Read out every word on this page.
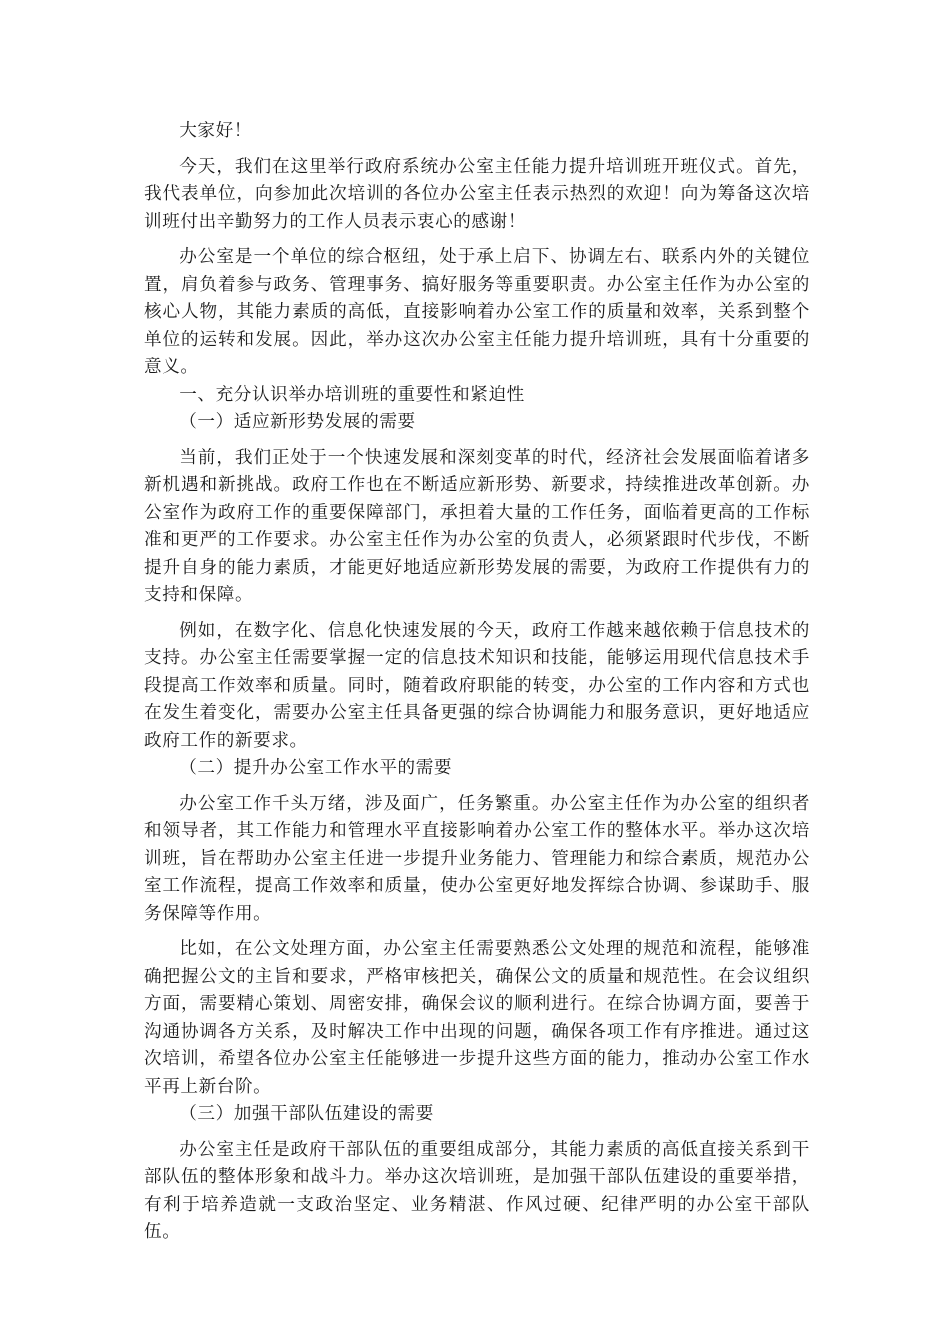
大家好！

今天，我们在这里举行政府系统办公室主任能力提升培训班开班仪式。首先，我代表单位，向参加此次培训的各位办公室主任表示热烈的欢迎！向为筹备这次培训班付出辛勤努力的工作人员表示衷心的感谢！

办公室是一个单位的综合枢纽，处于承上启下、协调左右、联系内外的关键位置，肩负着参与政务、管理事务、搞好服务等重要职责。办公室主任作为办公室的核心人物，其能力素质的高低，直接影响着办公室工作的质量和效率，关系到整个单位的运转和发展。因此，举办这次办公室主任能力提升培训班，具有十分重要的意义。

一、充分认识举办培训班的重要性和紧迫性

（一）适应新形势发展的需要

当前，我们正处于一个快速发展和深刻变革的时代，经济社会发展面临着诸多新机遇和新挑战。政府工作也在不断适应新形势、新要求，持续推进改革创新。办公室作为政府工作的重要保障部门，承担着大量的工作任务，面临着更高的工作标准和更严的工作要求。办公室主任作为办公室的负责人，必须紧跟时代步伐，不断提升自身的能力素质，才能更好地适应新形势发展的需要，为政府工作提供有力的支持和保障。

例如，在数字化、信息化快速发展的今天，政府工作越来越依赖于信息技术的支持。办公室主任需要掌握一定的信息技术知识和技能，能够运用现代信息技术手段提高工作效率和质量。同时，随着政府职能的转变，办公室的工作内容和方式也在发生着变化，需要办公室主任具备更强的综合协调能力和服务意识，更好地适应政府工作的新要求。

（二）提升办公室工作水平的需要

办公室工作千头万绪，涉及面广，任务繁重。办公室主任作为办公室的组织者和领导者，其工作能力和管理水平直接影响着办公室工作的整体水平。举办这次培训班，旨在帮助办公室主任进一步提升业务能力、管理能力和综合素质，规范办公室工作流程，提高工作效率和质量，使办公室更好地发挥综合协调、参谋助手、服务保障等作用。

比如，在公文处理方面，办公室主任需要熟悉公文处理的规范和流程，能够准确把握公文的主旨和要求，严格审核把关，确保公文的质量和规范性。在会议组织方面，需要精心策划、周密安排，确保会议的顺利进行。在综合协调方面，要善于沟通协调各方关系，及时解决工作中出现的问题，确保各项工作有序推进。通过这次培训，希望各位办公室主任能够进一步提升这些方面的能力，推动办公室工作水平再上新台阶。

（三）加强干部队伍建设的需要

办公室主任是政府干部队伍的重要组成部分，其能力素质的高低直接关系到干部队伍的整体形象和战斗力。举办这次培训班，是加强干部队伍建设的重要举措，有利于培养造就一支政治坚定、业务精湛、作风过硬、纪律严明的办公室干部队伍。
